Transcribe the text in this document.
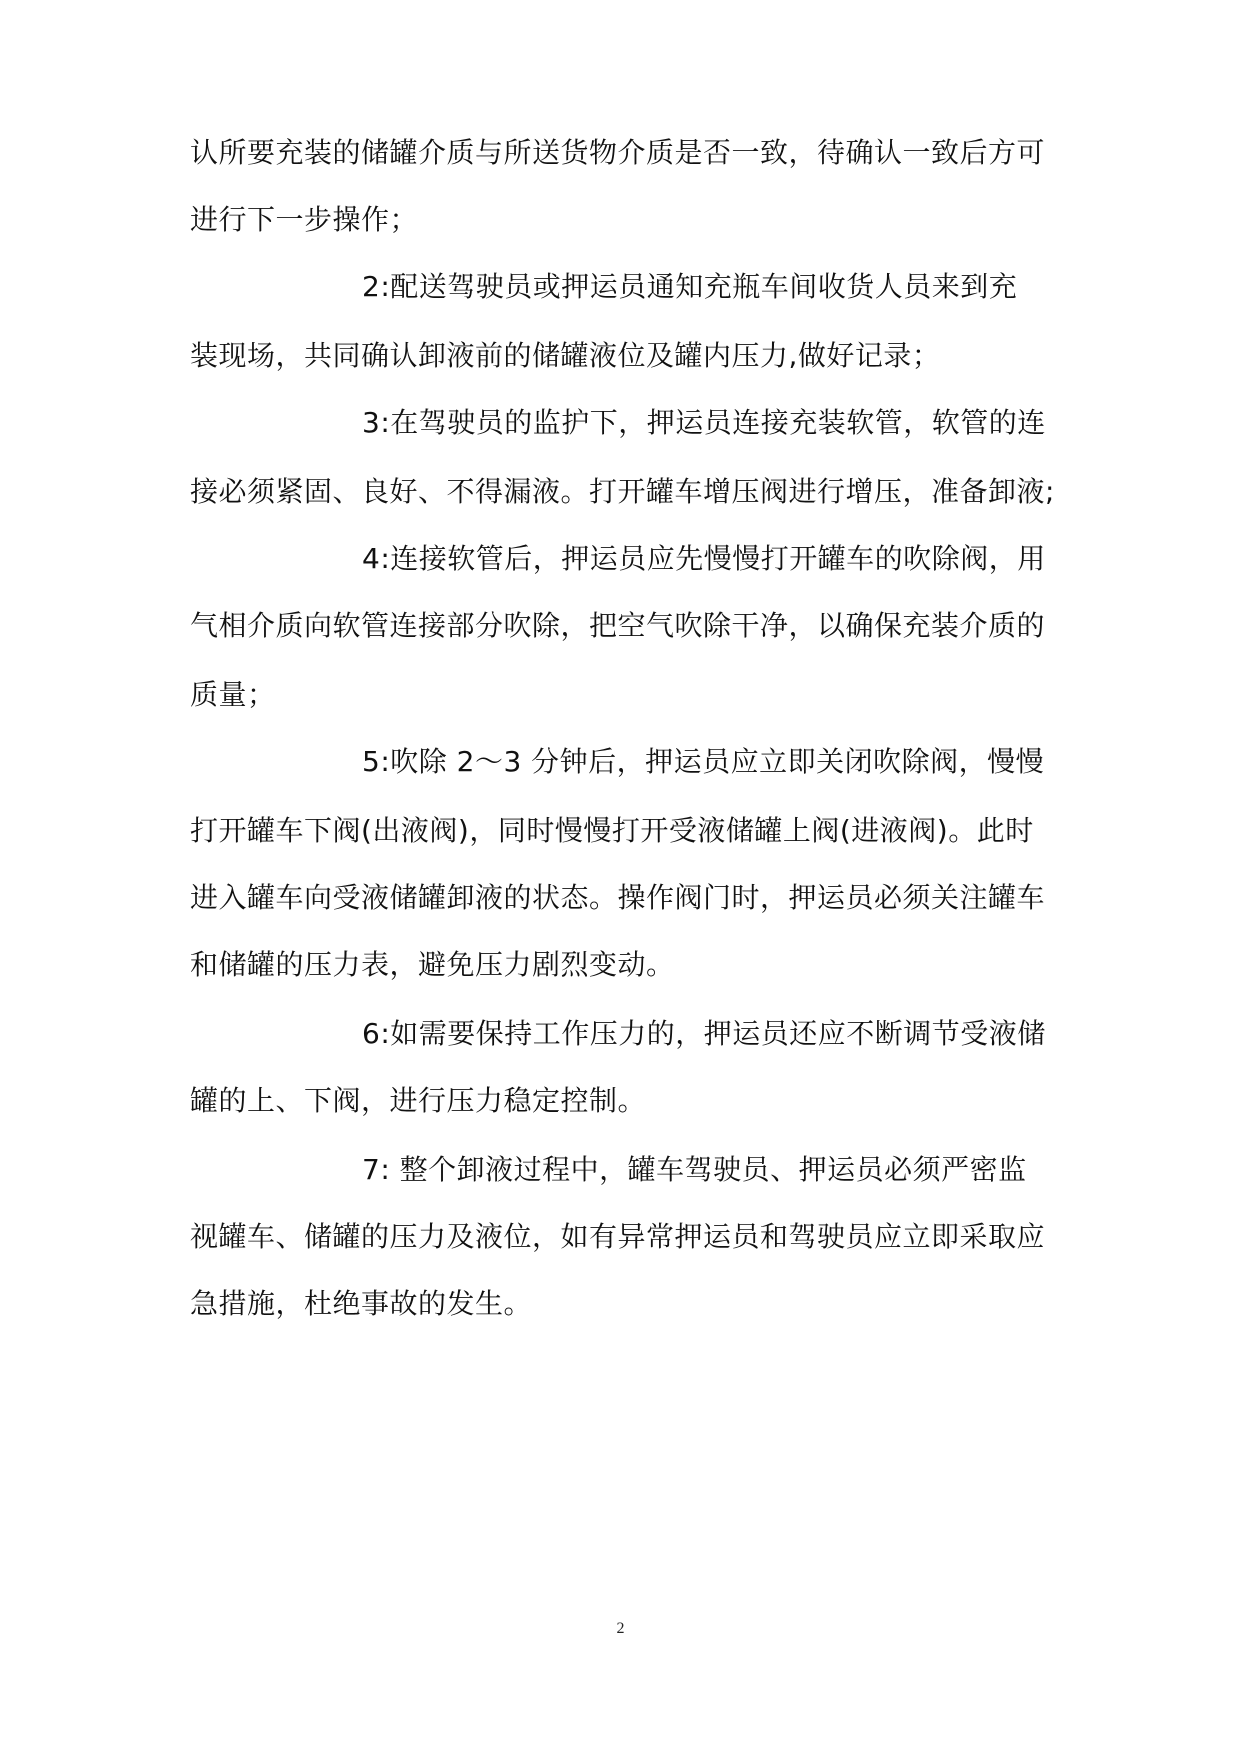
认所要充装的储罐介质与所送货物介质是否一致，待确认一致后方可
进行下一步操作；
2:配送驾驶员或押运员通知充瓶车间收货人员来到充
装现场，共同确认卸液前的储罐液位及罐内压力,做好记录；
3:在驾驶员的监护下，押运员连接充装软管，软管的连
接必须紧固、良好、不得漏液。打开罐车增压阀进行增压，准备卸液;
4:连接软管后，押运员应先慢慢打开罐车的吹除阀，用
气相介质向软管连接部分吹除，把空气吹除干净，以确保充装介质的
质量；
5:吹除 2～3 分钟后，押运员应立即关闭吹除阀，慢慢
打开罐车下阀(出液阀)，同时慢慢打开受液储罐上阀(进液阀)。此时
进入罐车向受液储罐卸液的状态。操作阀门时，押运员必须关注罐车
和储罐的压力表，避免压力剧烈变动。
6:如需要保持工作压力的，押运员还应不断调节受液储
罐的上、下阀，进行压力稳定控制。
7: 整个卸液过程中，罐车驾驶员、押运员必须严密监
视罐车、储罐的压力及液位，如有异常押运员和驾驶员应立即采取应
急措施，杜绝事故的发生。
2
